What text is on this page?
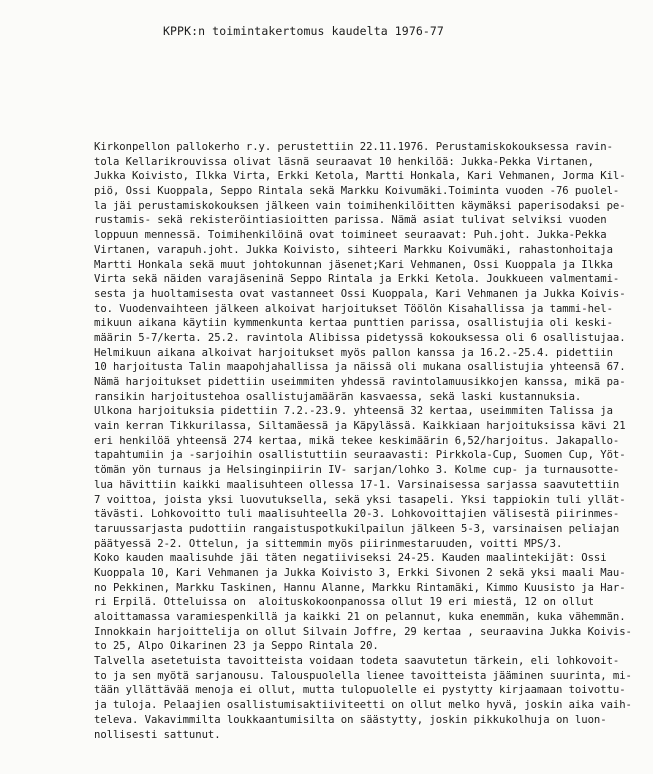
KPPK:n toimintakertomus kaudelta 1976-77
Kirkonpellon pallokerho r.y. perustettiin 22.11.1976. Perustamiskokouksessa ravin-
tola Kellarikrouvissa olivat läsnä seuraavat 10 henkilöä: Jukka-Pekka Virtanen,
Jukka Koivisto, Ilkka Virta, Erkki Ketola, Martti Honkala, Kari Vehmanen, Jorma Kil-
piö, Ossi Kuoppala, Seppo Rintala sekä Markku Koivumäki.Toiminta vuoden -76 puolel-
la jäi perustamiskokouksen jälkeen vain toimihenkilöitten käymäksi paperisodaksi pe-
rustamis- sekä rekisteröintiasioitten parissa. Nämä asiat tulivat selviksi vuoden
loppuun mennessä. Toimihenkilöinä ovat toimineet seuraavat: Puh.joht. Jukka-Pekka
Virtanen, varapuh.joht. Jukka Koivisto, sihteeri Markku Koivumäki, rahastonhoitaja
Martti Honkala sekä muut johtokunnan jäsenet;Kari Vehmanen, Ossi Kuoppala ja Ilkka
Virta sekä näiden varajäseninä Seppo Rintala ja Erkki Ketola. Joukkueen valmentami-
sesta ja huoltamisesta ovat vastanneet Ossi Kuoppala, Kari Vehmanen ja Jukka Koivis-
to. Vuodenvaihteen jälkeen alkoivat harjoitukset Töölön Kisahallissa ja tammi-hel-
mikuun aikana käytiin kymmenkunta kertaa punttien parissa, osallistujia oli keski-
määrin 5-7/kerta. 25.2. ravintola Alibissa pidetyssä kokouksessa oli 6 osallistujaa.
Helmikuun aikana alkoivat harjoitukset myös pallon kanssa ja 16.2.-25.4. pidettiin
10 harjoitusta Talin maapohjahallissa ja näissä oli mukana osallistujia yhteensä 67.
Nämä harjoitukset pidettiin useimmiten yhdessä ravintolamuusikkojen kanssa, mikä pa-
ransikin harjoitustehoa osallistujamäärän kasvaessa, sekä laski kustannuksia.
Ulkona harjoituksia pidettiin 7.2.-23.9. yhteensä 32 kertaa, useimmiten Talissa ja
vain kerran Tikkurilassa, Siltamäessä ja Käpylässä. Kaikkiaan harjoituksissa kävi 21
eri henkilöä yhteensä 274 kertaa, mikä tekee keskimäärin 6,52/harjoitus. Jakapallo-
tapahtumiin ja -sarjoihin osallistuttiin seuraavasti: Pirkkola-Cup, Suomen Cup, Yöt-
tömän yön turnaus ja Helsinginpiirin IV- sarjan/lohko 3. Kolme cup- ja turnausotte-
lua hävittiin kaikki maalisuhteen ollessa 17-1. Varsinaisessa sarjassa saavutettiin
7 voittoa, joista yksi luovutuksella, sekä yksi tasapeli. Yksi tappiokin tuli yllät-
tävästi. Lohkovoitto tuli maalisuhteella 20-3. Lohkovoittajien välisestä piirinmes-
taruussarjasta pudottiin rangaistuspotkukilpailun jälkeen 5-3, varsinaisen peliajan
päätyessä 2-2. Ottelun, ja sittemmin myös piirinmestaruuden, voitti MPS/3.
Koko kauden maalisuhde jäi täten negatiiviseksi 24-25. Kauden maalintekijät: Ossi
Kuoppala 10, Kari Vehmanen ja Jukka Koivisto 3, Erkki Sivonen 2 sekä yksi maali Mau-
no Pekkinen, Markku Taskinen, Hannu Alanne, Markku Rintamäki, Kimmo Kuusisto ja Har-
ri Erpilä. Otteluissa on  aloituskokoonpanossa ollut 19 eri miestä, 12 on ollut
aloittamassa varamiespenkillä ja kaikki 21 on pelannut, kuka enemmän, kuka vähemmän.
Innokkain harjoittelija on ollut Silvain Joffre, 29 kertaa , seuraavina Jukka Koivis-
to 25, Alpo Oikarinen 23 ja Seppo Rintala 20.
Talvella asetetuista tavoitteista voidaan todeta saavutetun tärkein, eli lohkovoit-
to ja sen myötä sarjanousu. Talouspuolella lienee tavoitteista jääminen suurinta, mi-
tään yllättävää menoja ei ollut, mutta tulopuolelle ei pystytty kirjaamaan toivottu-
ja tuloja. Pelaajien osallistumisaktiiviteetti on ollut melko hyvä, joskin aika vaih-
televa. Vakavimmilta loukkaantumisilta on säästytty, joskin pikkukolhuja on luon-
nollisesti sattunut.
